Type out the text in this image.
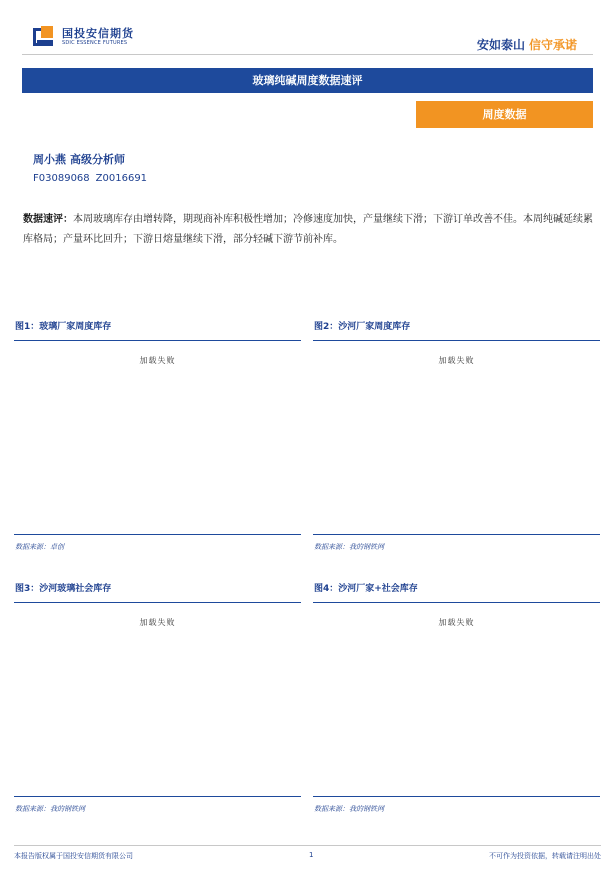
国投安信期货
SDIC ESSENCE FUTURES	安如泰山 信守承诺
玻璃纯碱周度数据速评
周度数据
周小燕 高级分析师
F03089068 Z0016691
数据速评：本周玻璃库存由增转降，期现商补库积极性增加；冷修速度加快，产量继续下滑；下游订单改善不佳。本周纯碱延续累库格局；产量环比回升；下游日熔量继续下滑，部分轻碱下游节前补库。
图1：玻璃厂家周度库存
加载失败
数据来源：卓创
图2：沙河厂家周度库存
加载失败
数据来源：我的钢铁网
图3：沙河玻璃社会库存
加载失败
数据来源：我的钢铁网
图4：沙河厂家+社会库存
加载失败
数据来源：我的钢铁网
本报告版权属于国投安信期货有限公司	1	不可作为投资依据，转载请注明出处
